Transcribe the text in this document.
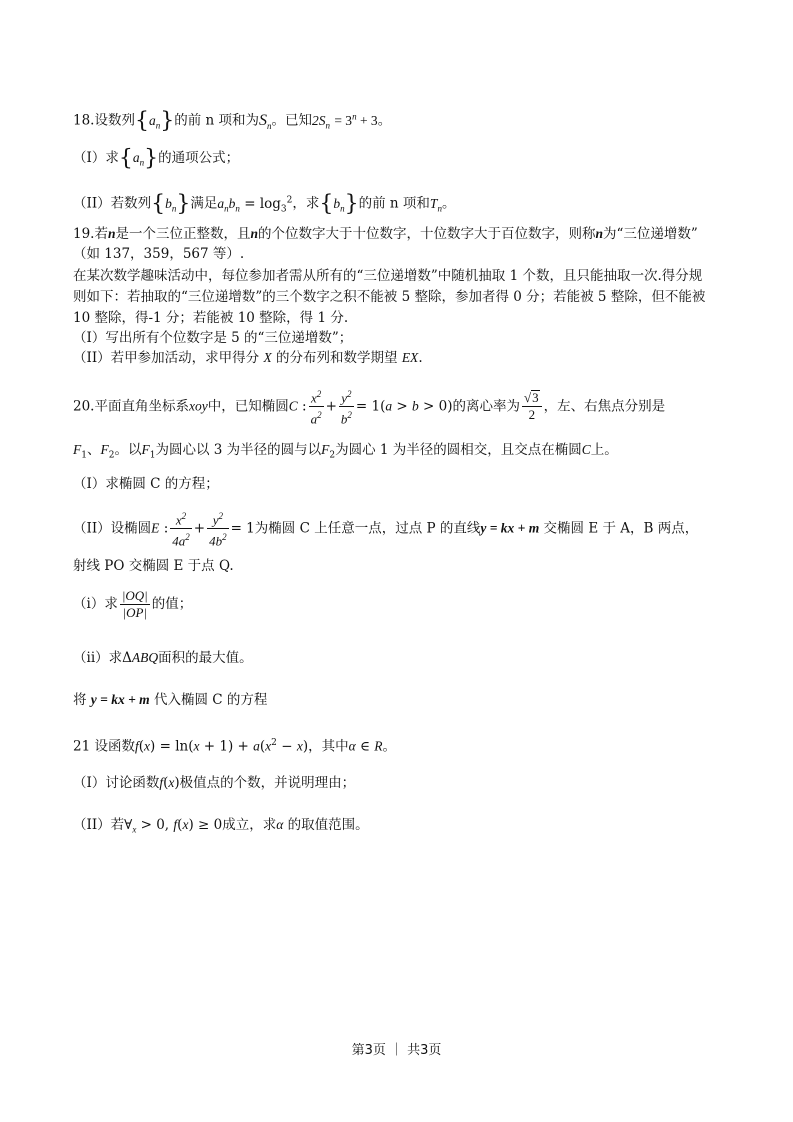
18.设数列$\{a_n\}$的前 n 项和为$S_n$。已知$2S_n = 3^n + 3$。
（I）求$\{a_n\}$的通项公式；
（II）若数列$\{b_n\}$满足$a_nb_n = \log_3^2$，求$\{b_n\}$的前 n 项和$T_n$。
19.若n是一个三位正整数，且n的个位数字大于十位数字，十位数字大于百位数字，则称n为“三位递增数”
（如 137，359，567 等）.
在某次数学趣味活动中，每位参加者需从所有的“三位递增数”中随机抽取 1 个数，且只能抽取一次.得分规
则如下：若抽取的“三位递增数”的三个数字之积不能被 5 整除，参加者得 0 分；若能被 5 整除，但不能被
10 整除，得-1 分；若能被 10 整除，得 1 分.
（I）写出所有个位数字是 5 的“三位递增数”；
（II）若甲参加活动，求甲得分 X 的分布列和数学期望 EX.
20.平面直角坐标系xoy中，已知椭圆C : $\frac{x^2}{a^2} + \frac{y^2}{b^2} = 1(a > b > 0)$的离心率为 $\frac{√3}{2}$ ，左、右焦点分别是
$F_1$、$F_2$。以$F_1$为圆心以 3 为半径的圆与以$F_2$为圆心 1 为半径的圆相交，且交点在椭圆C上。
（I）求椭圆 C 的方程；
（II）设椭圆E : $\frac{x^2}{4a^2} + \frac{y^2}{4b^2} = 1$为椭圆 C 上任意一点，过点 P 的直线y = kx + m 交椭圆 E 于 A，B 两点，
射线 PO 交椭圆 E 于点 Q.
（i）求 $\frac{|OQ|}{|OP|}$ 的值；
（ii）求ΔABQ面积的最大值。
将 y = kx + m 代入椭圆 C 的方程
21 设函数$f(x) = \ln(x + 1) + a(x^2 - x)$，其中α ∈ R。
（I）讨论函数f(x)极值点的个数，并说明理由；
（II）若$\forall_x > 0$, f(x) ≥ 0成立，求α 的取值范围。
第3页 ｜ 共3页
